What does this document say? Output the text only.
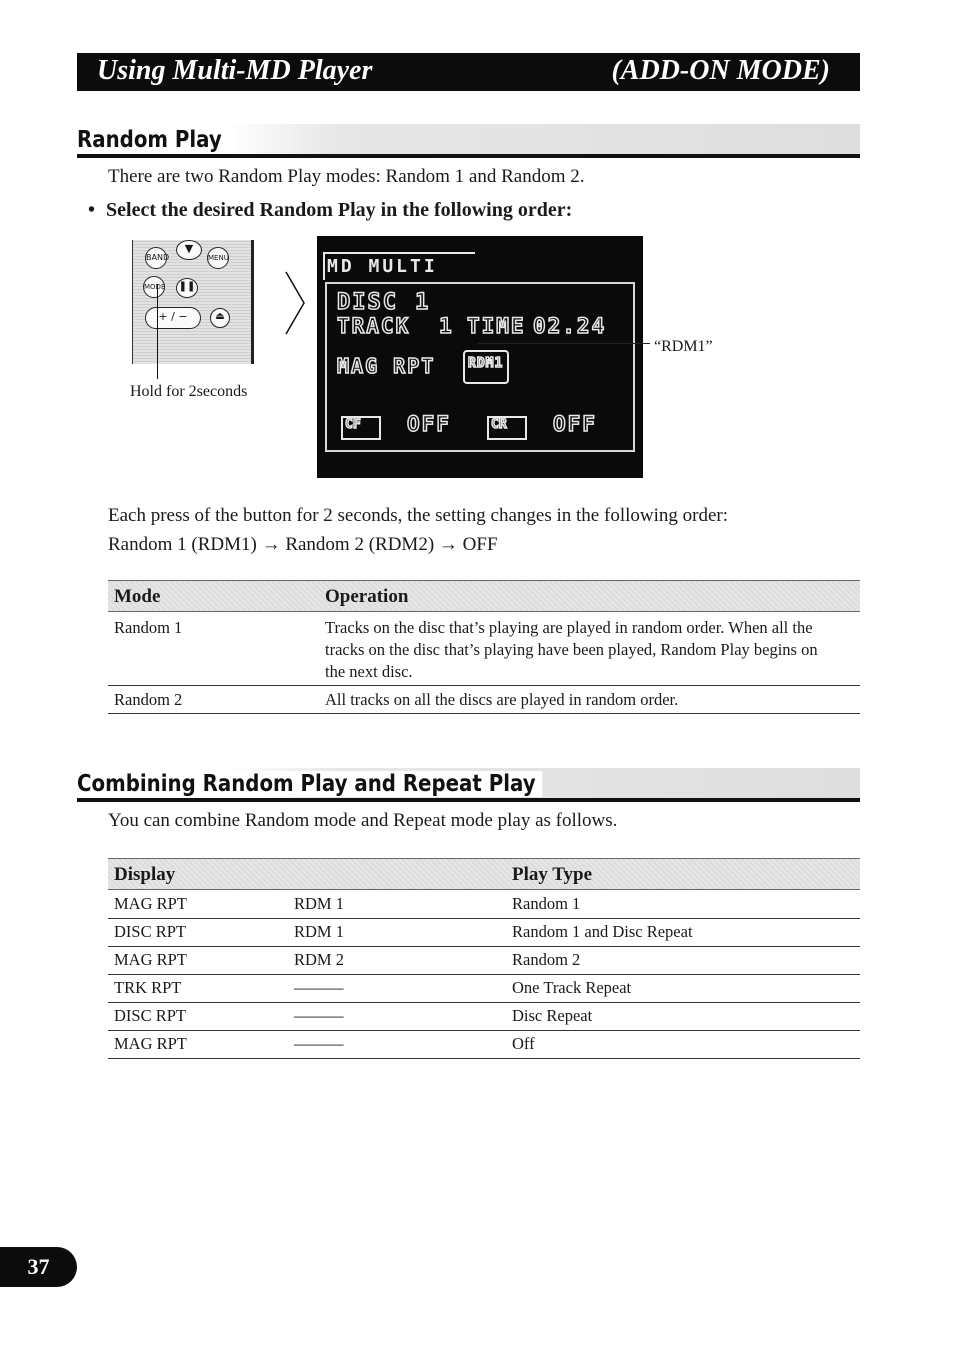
Using Multi-MD Player	(ADD-ON MODE)
Random Play
There are two Random Play modes: Random 1 and Random 2.
• Select the desired Random Play in the following order:
BAND
▼
MENU
MODE ❚❚
+ / −	⏏
Hold for 2seconds
MD MULTI
DISC 1
TRACK 1 TIME 02.24
MAG RPT	RDM1
CF OFF	CR OFF
“RDM1”
Each press of the button for 2 seconds, the setting changes in the following order:
Random 1 (RDM1) → Random 2 (RDM2) → OFF
Mode	Operation
Random 1	Tracks on the disc that’s playing are played in random order. When all the
tracks on the disc that’s playing have been played, Random Play begins on
the next disc.
Random 2	All tracks on all the discs are played in random order.
Combining Random Play and Repeat Play
You can combine Random mode and Repeat mode play as follows.
Display	Play Type
MAG RPT	RDM 1	Random 1
DISC RPT	RDM 1	Random 1 and Disc Repeat
MAG RPT	RDM 2	Random 2
TRK RPT	———	One Track Repeat
DISC RPT	———	Disc Repeat
MAG RPT	———	Off
37
